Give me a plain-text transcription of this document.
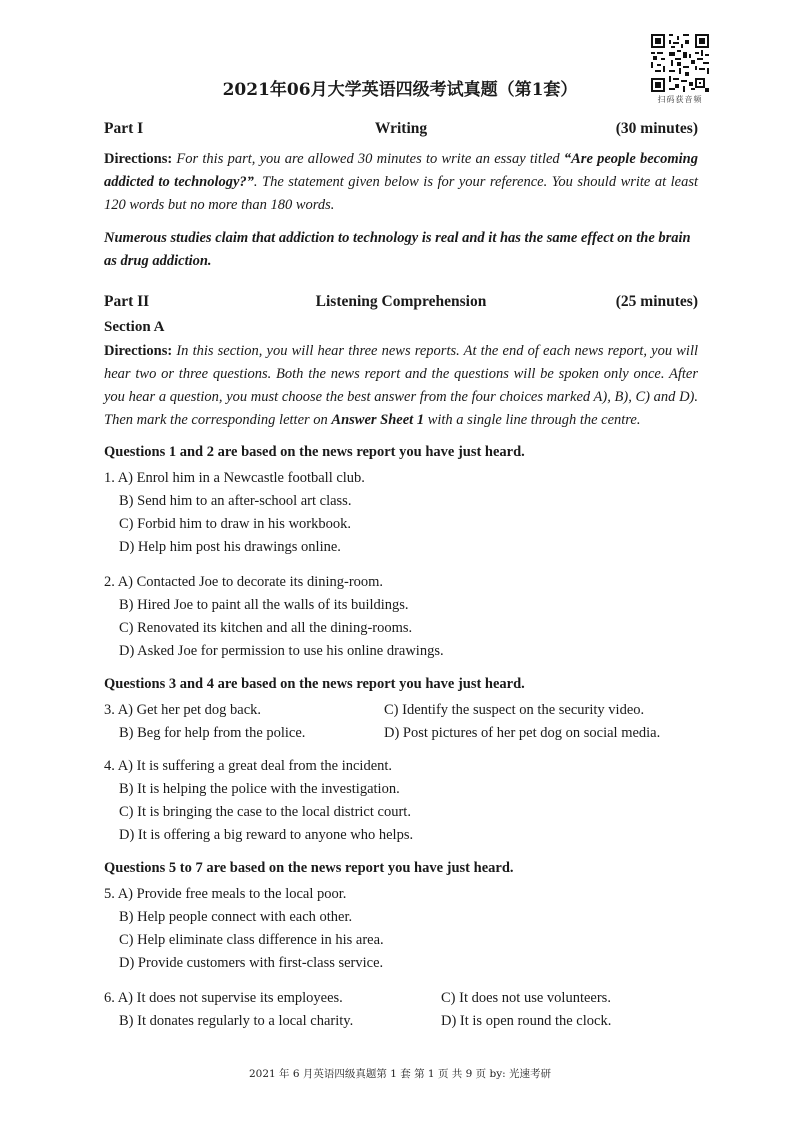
扫码获音频
2021年06月大学英语四级考试真题（第1套）
Part I	Writing	(30 minutes)

Directions: For this part, you are allowed 30 minutes to write an essay titled “Are people becoming addicted to technology?”. The statement given below is for your reference. You should write at least 120 words but no more than 180 words.

Numerous studies claim that addiction to technology is real and it has the same effect on the brain as drug addiction.

Part II	Listening Comprehension	(25 minutes)

Section A

Directions: In this section, you will hear three news reports. At the end of each news report, you will hear two or three questions. Both the news report and the questions will be spoken only once. After you hear a question, you must choose the best answer from the four choices marked A), B), C) and D). Then mark the corresponding letter on Answer Sheet 1 with a single line through the centre.

Questions 1 and 2 are based on the news report you have just heard.

1. A) Enrol him in a Newcastle football club.

B) Send him to an after-school art class.

C) Forbid him to draw in his workbook.

D) Help him post his drawings online.

2. A) Contacted Joe to decorate its dining-room.

B) Hired Joe to paint all the walls of its buildings.

C) Renovated its kitchen and all the dining-rooms.

D) Asked Joe for permission to use his online drawings.

Questions 3 and 4 are based on the news report you have just heard.

3. A) Get her pet dog back.	C) Identify the suspect on the security video.
B) Beg for help from the police.	D) Post pictures of her pet dog on social media.

4. A) It is suffering a great deal from the incident.

B) It is helping the police with the investigation.

C) It is bringing the case to the local district court.

D) It is offering a big reward to anyone who helps.

Questions 5 to 7 are based on the news report you have just heard.

5. A) Provide free meals to the local poor.

B) Help people connect with each other.

C) Help eliminate class difference in his area.

D) Provide customers with first-class service.

6. A) It does not supervise its employees.	C) It does not use volunteers.
B) It donates regularly to a local charity.	D) It is open round the clock.
2021 年 6 月英语四级真题第 1 套 第 1 页 共 9 页 by: 光速考研
